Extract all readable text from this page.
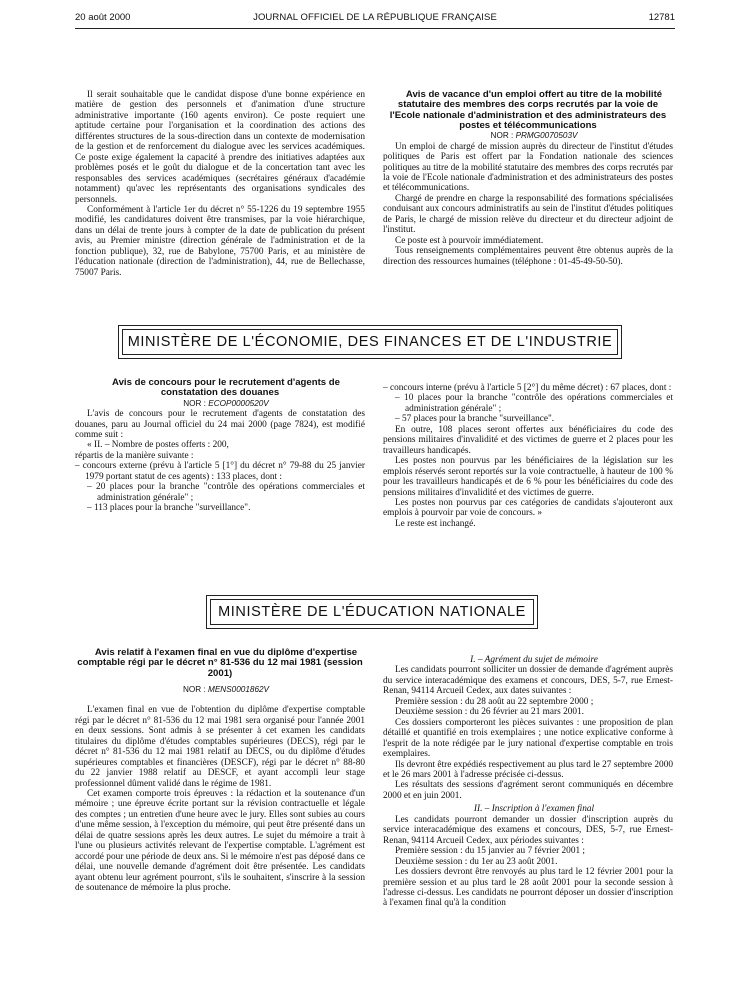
20 août 2000	JOURNAL OFFICIEL DE LA RÉPUBLIQUE FRANÇAISE	12781

Il serait souhaitable que le candidat dispose d'une bonne expérience en matière de gestion des personnels et d'animation d'une structure administrative importante (160 agents environ). Ce poste requiert une aptitude certaine pour l'organisation et la coordination des actions des différentes structures de la sous-direction dans un contexte de modernisation de la gestion et de renforcement du dialogue avec les services académiques. Ce poste exige également la capacité à prendre des initiatives adaptées aux problèmes posés et le goût du dialogue et de la concertation tant avec les responsables des services académiques (secrétaires généraux d'académie notamment) qu'avec les représentants des organisations syndicales des personnels.

Conformément à l'article 1er du décret n° 55-1226 du 19 septembre 1955 modifié, les candidatures doivent être transmises, par la voie hiérarchique, dans un délai de trente jours à compter de la date de publication du présent avis, au Premier ministre (direction générale de l'administration et de la fonction publique), 32, rue de Babylone, 75700 Paris, et au ministère de l'éducation nationale (direction de l'administration), 44, rue de Bellechasse, 75007 Paris.

Avis de vacance d'un emploi offert au titre de la mobilité statutaire des membres des corps recrutés par la voie de l'Ecole nationale d'administration et des administrateurs des postes et télécommunications

NOR : PRMG0070503V

Un emploi de chargé de mission auprès du directeur de l'institut d'études politiques de Paris est offert par la Fondation nationale des sciences politiques au titre de la mobilité statutaire des membres des corps recrutés par la voie de l'Ecole nationale d'administration et des administrateurs des postes et télécommunications.

Chargé de prendre en charge la responsabilité des formations spécialisées conduisant aux concours administratifs au sein de l'institut d'études politiques de Paris, le chargé de mission relève du directeur et du directeur adjoint de l'institut.

Ce poste est à pourvoir immédiatement.

Tous renseignements complémentaires peuvent être obtenus auprès de la direction des ressources humaines (téléphone : 01-45-49-50-50).

MINISTÈRE DE L'ÉCONOMIE, DES FINANCES ET DE L'INDUSTRIE

Avis de concours pour le recrutement d'agents de constatation des douanes

NOR : ECOP0000520V

L'avis de concours pour le recrutement d'agents de constatation des douanes, paru au Journal officiel du 24 mai 2000 (page 7824), est modifié comme suit :

« II. – Nombre de postes offerts : 200,

répartis de la manière suivante :

– concours externe (prévu à l'article 5 [1°] du décret n° 79-88 du 25 janvier 1979 portant statut de ces agents) : 133 places, dont :

– 20 places pour la branche "contrôle des opérations commerciales et administration générale" ;

– 113 places pour la branche "surveillance".

– concours interne (prévu à l'article 5 [2°] du même décret) : 67 places, dont :

– 10 places pour la branche "contrôle des opérations commerciales et administration générale" ;

– 57 places pour la branche "surveillance".

En outre, 108 places seront offertes aux bénéficiaires du code des pensions militaires d'invalidité et des victimes de guerre et 2 places pour les travailleurs handicapés.

Les postes non pourvus par les bénéficiaires de la législation sur les emplois réservés seront reportés sur la voie contractuelle, à hauteur de 100 % pour les travailleurs handicapés et de 6 % pour les bénéficiaires du code des pensions militaires d'invalidité et des victimes de guerre.

Les postes non pourvus par ces catégories de candidats s'ajouteront aux emplois à pourvoir par voie de concours. »

Le reste est inchangé.

MINISTÈRE DE L'ÉDUCATION NATIONALE

Avis relatif à l'examen final en vue du diplôme d'expertise comptable régi par le décret n° 81-536 du 12 mai 1981 (session 2001)

NOR : MENS0001862V

L'examen final en vue de l'obtention du diplôme d'expertise comptable régi par le décret n° 81-536 du 12 mai 1981 sera organisé pour l'année 2001 en deux sessions. Sont admis à se présenter à cet examen les candidats titulaires du diplôme d'études comptables supérieures (DECS), régi par le décret n° 81-536 du 12 mai 1981 relatif au DECS, ou du diplôme d'études supérieures comptables et financières (DESCF), régi par le décret n° 88-80 du 22 janvier 1988 relatif au DESCF, et ayant accompli leur stage professionnel dûment validé dans le régime de 1981.

Cet examen comporte trois épreuves : la rédaction et la soutenance d'un mémoire ; une épreuve écrite portant sur la révision contractuelle et légale des comptes ; un entretien d'une heure avec le jury. Elles sont subies au cours d'une même session, à l'exception du mémoire, qui peut être présenté dans un délai de quatre sessions après les deux autres. Le sujet du mémoire a trait à l'une ou plusieurs activités relevant de l'expertise comptable. L'agrément est accordé pour une période de deux ans. Si le mémoire n'est pas déposé dans ce délai, une nouvelle demande d'agrément doit être présentée. Les candidats ayant obtenu leur agrément pourront, s'ils le souhaitent, s'inscrire à la session de soutenance de mémoire la plus proche.

I. – Agrément du sujet de mémoire

Les candidats pourront solliciter un dossier de demande d'agrément auprès du service interacadémique des examens et concours, DES, 5-7, rue Ernest-Renan, 94114 Arcueil Cedex, aux dates suivantes :

Première session : du 28 août au 22 septembre 2000 ;

Deuxième session : du 26 février au 21 mars 2001.

Ces dossiers comporteront les pièces suivantes : une proposition de plan détaillé et quantifié en trois exemplaires ; une notice explicative conforme à l'esprit de la note rédigée par le jury national d'expertise comptable en trois exemplaires.

Ils devront être expédiés respectivement au plus tard le 27 septembre 2000 et le 26 mars 2001 à l'adresse précisée ci-dessus.

Les résultats des sessions d'agrément seront communiqués en décembre 2000 et en juin 2001.

II. – Inscription à l'examen final

Les candidats pourront demander un dossier d'inscription auprès du service interacadémique des examens et concours, DES, 5-7, rue Ernest-Renan, 94114 Arcueil Cedex, aux périodes suivantes :

Première session : du 15 janvier au 7 février 2001 ;

Deuxième session : du 1er au 23 août 2001.

Les dossiers devront être renvoyés au plus tard le 12 février 2001 pour la première session et au plus tard le 28 août 2001 pour la seconde session à l'adresse ci-dessus. Les candidats ne pourront déposer un dossier d'inscription à l'examen final qu'à la condition
